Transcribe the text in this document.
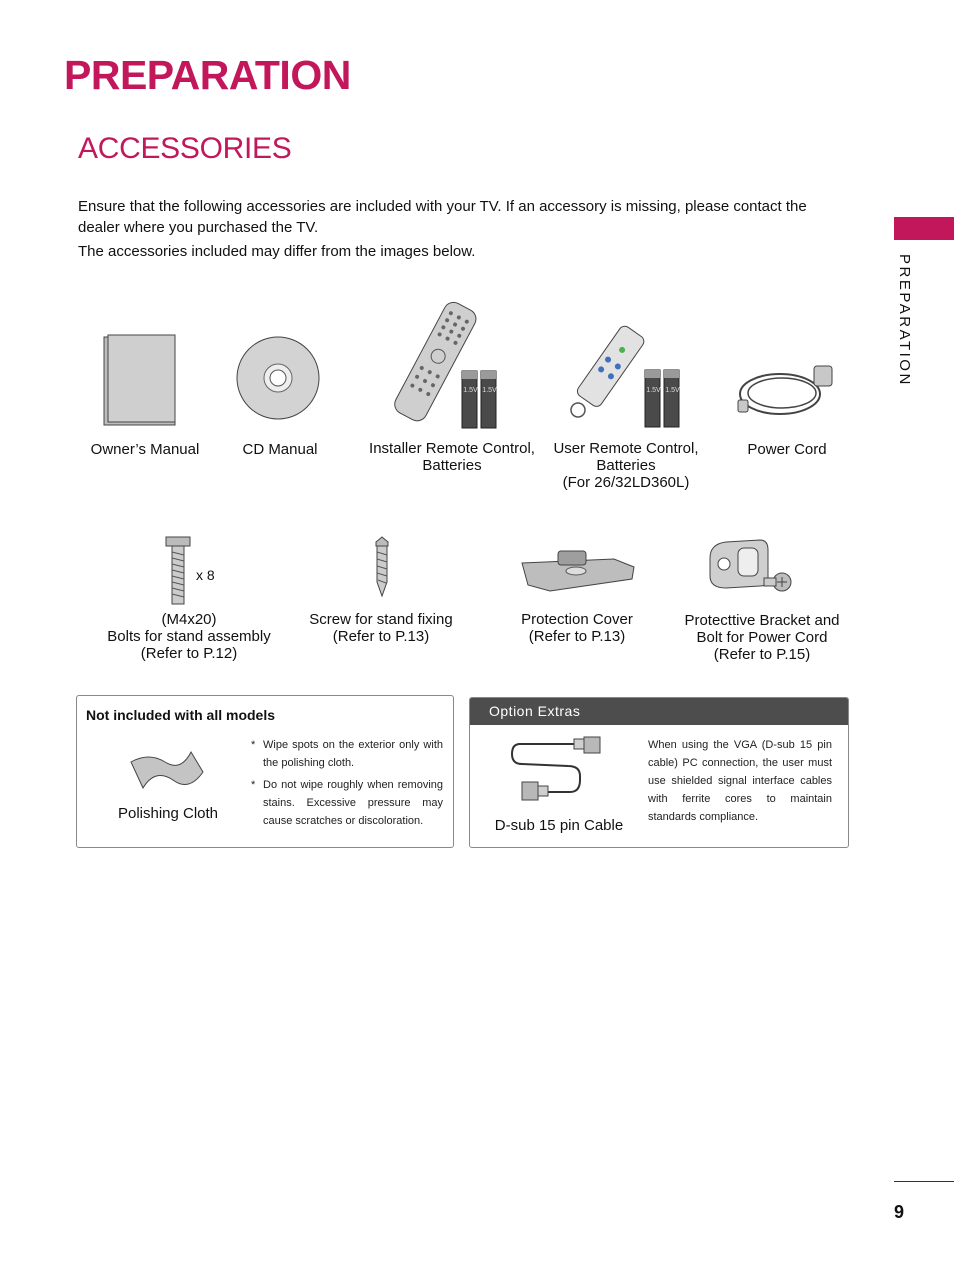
PREPARATION
ACCESSORIES
PREPARATION

Ensure that the following accessories are included with your TV. If an accessory is missing, please contact the dealer where you purchased the TV.

The accessories included may differ from the images below.

1.5V 1.5V	1.5V 1.5V
Owner’s Manual	CD Manual	Installer Remote Control,
Batteries
User Remote Control,
Batteries
(For 26/32LD360L)
Power Cord
x 8
(M4x20)
Bolts for stand assembly
(Refer to P.12)
Screw for stand fixing
(Refer to P.13)
Protection Cover
(Refer to P.13)
Protecttive Bracket and
Bolt for Power Cord
(Refer to P.15)
Not included with all models
Polishing Cloth
* Wipe spots on the exterior only with the polishing cloth.
* Do not wipe roughly when removing stains. Excessive pressure may cause scratches or discoloration.
Option Extras
D-sub 15 pin Cable
When using the VGA (D-sub 15 pin cable) PC connection, the user must use shielded signal interface cables with ferrite cores to maintain standards compliance.
9
